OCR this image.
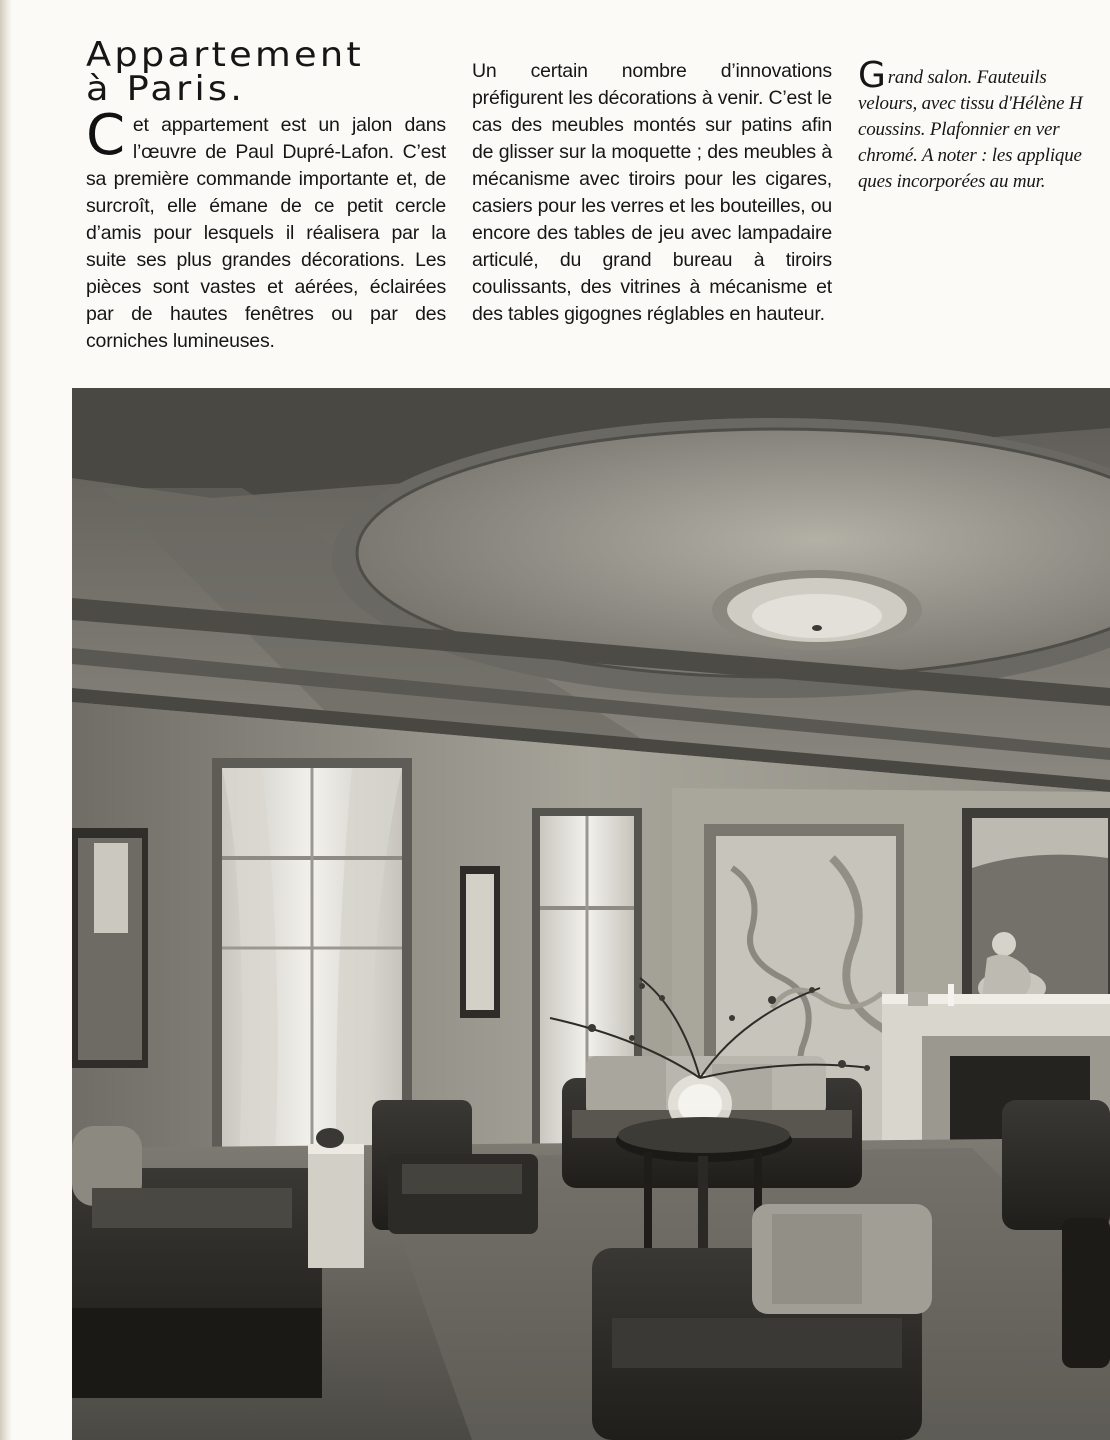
Appartement
à Paris.

Cet appartement est un jalon dans l’œuvre de Paul Dupré-Lafon. C’est sa première commande importante et, de surcroît, elle émane de ce petit cercle d’amis pour lesquels il réalisera par la suite ses plus grandes décorations. Les pièces sont vastes et aérées, éclairées par de hautes fenêtres ou par des corniches lumineuses.

Un certain nombre d’innovations préfigurent les décorations à venir. C’est le cas des meubles montés sur patins afin de glisser sur la moquette ; des meubles à mécanisme avec tiroirs pour les cigares, casiers pour les verres et les bouteilles, ou encore des tables de jeu avec lampadaire articulé, du grand bureau à tiroirs coulissants, des vitrines à mécanisme et des tables gigognes réglables en hauteur.

Grand salon. Fauteuils
velours, avec tissu d'Hélène H
coussins. Plafonnier en ver
chromé. A noter : les applique
ques incorporées au mur.
